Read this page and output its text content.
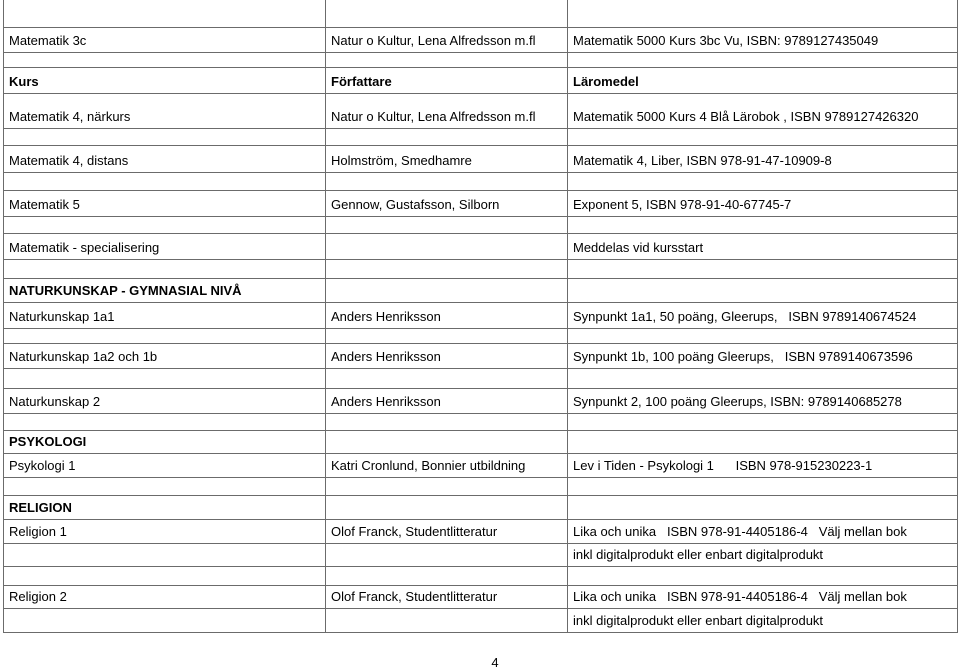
Matematik 3c	Natur o Kultur, Lena Alfredsson m.fl	Matematik 5000 Kurs 3bc Vu, ISBN: 9789127435049

Kurs	Författare	Läromedel
Matematik 4, närkurs	Natur o Kultur, Lena Alfredsson m.fl	Matematik 5000 Kurs 4 Blå Lärobok , ISBN 9789127426320

Matematik 4, distans	Holmström, Smedhamre	Matematik 4, Liber, ISBN 978-91-47-10909-8

Matematik 5	Gennow, Gustafsson, Silborn	Exponent 5, ISBN 978-91-40-67745-7

Matematik - specialisering		Meddelas vid kursstart

NATURKUNSKAP - GYMNASIAL NIVÅ		
Naturkunskap 1a1	Anders Henriksson	Synpunkt 1a1, 50 poäng, Gleerups,   ISBN 9789140674524

Naturkunskap 1a2 och 1b	Anders Henriksson	Synpunkt 1b, 100 poäng Gleerups,   ISBN 9789140673596

Naturkunskap 2	Anders Henriksson	Synpunkt 2, 100 poäng Gleerups, ISBN: 9789140685278

PSYKOLOGI		
Psykologi 1	Katri Cronlund, Bonnier utbildning	Lev i Tiden - Psykologi 1      ISBN 978-915230223-1

RELIGION		
Religion 1	Olof Franck, Studentlitteratur	Lika och unika   ISBN 978-91-4405186-4   Välj mellan bok
		inkl digitalprodukt eller enbart digitalprodukt

Religion 2	Olof Franck, Studentlitteratur	Lika och unika   ISBN 978-91-4405186-4   Välj mellan bok
		inkl digitalprodukt eller enbart digitalprodukt
4
